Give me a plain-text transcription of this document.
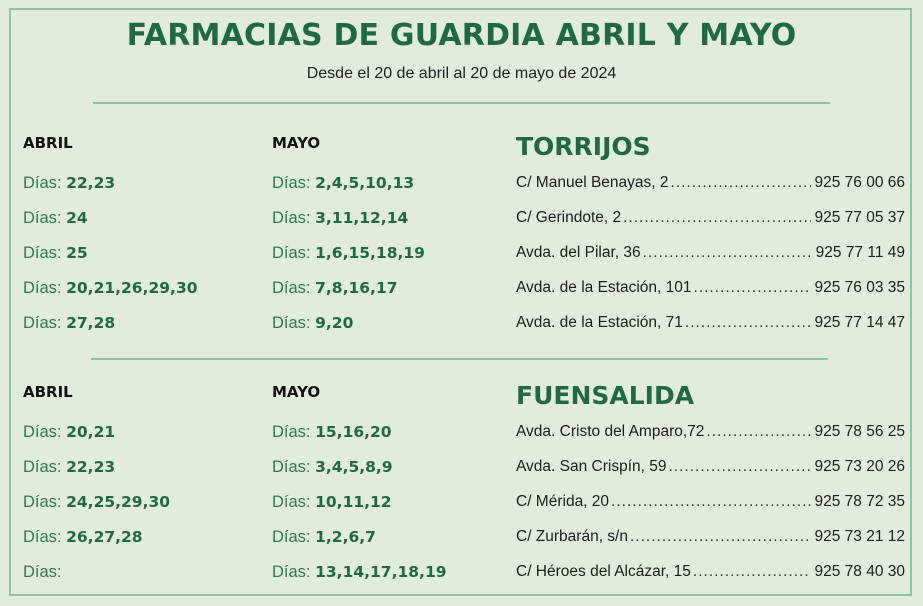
FARMACIAS DE GUARDIA ABRIL Y MAYO
Desde el 20 de abril al 20 de mayo de 2024
ABRIL	MAYO	TORRIJOS
Días: 22,23	Días: 2,4,5,10,13	C/ Manuel Benayas, 2 .....	925 76 00 66
Días: 24	Días: 3,11,12,14	C/ Gerindote, 2 .....	925 77 05 37
Días: 25	Días: 1,6,15,18,19	Avda. del Pilar, 36 .....	925 77 11 49
Días: 20,21,26,29,30	Días: 7,8,16,17	Avda. de la Estación, 101 .....	925 76 03 35
Días: 27,28	Días: 9,20	Avda. de la Estación, 71 .....	925 77 14 47
ABRIL	MAYO	FUENSALIDA
Días: 20,21	Días: 15,16,20	Avda. Cristo del Amparo,72 .....	925 78 56 25
Días: 22,23	Días: 3,4,5,8,9	Avda. San Crispín, 59 .....	925 73 20 26
Días: 24,25,29,30	Días: 10,11,12	C/ Mérida, 20 .....	925 78 72 35
Días: 26,27,28	Días: 1,2,6,7	C/ Zurbarán, s/n .....	925 73 21 12
Días:	Días: 13,14,17,18,19	C/ Héroes del Alcázar, 15 .....	925 78 40 30
